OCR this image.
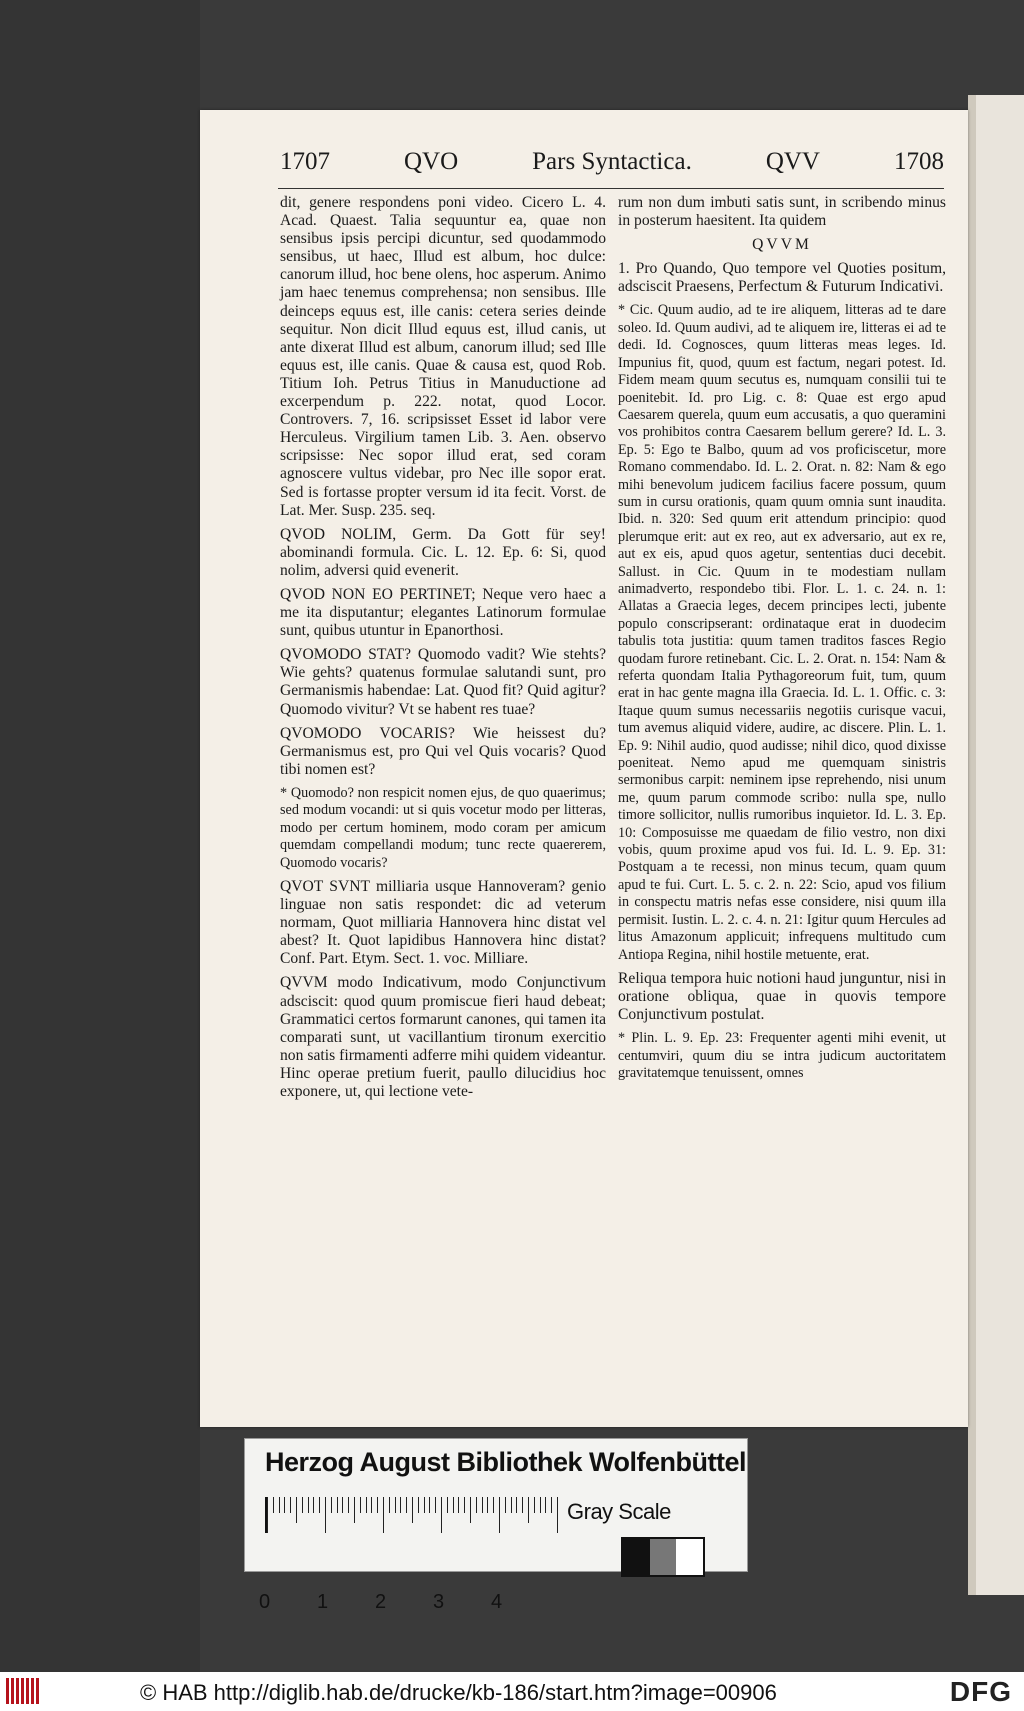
1707	QVO	Pars Syntactica.	QVV	1708

dit, genere respondens poni video. Cicero L. 4. Acad. Quaest. Talia sequuntur ea, quae non sensibus ipsis percipi dicuntur, sed quodammodo sensibus, ut haec, Illud est album, hoc dulce: canorum illud, hoc bene olens, hoc asperum. Animo jam haec tenemus comprehensa; non sensibus. Ille deinceps equus est, ille canis: cetera series deinde sequitur. Non dicit Illud equus est, illud canis, ut ante dixerat Illud est album, canorum illud; sed Ille equus est, ille canis. Quae & causa est, quod Rob. Titium Ioh. Petrus Titius in Manuductione ad excerpendum p. 222. notat, quod Locor. Controvers. 7, 16. scripsisset Esset id labor vere Herculeus. Virgilium tamen Lib. 3. Aen. observo scripsisse: Nec sopor illud erat, sed coram agnoscere vultus videbar, pro Nec ille sopor erat. Sed is fortasse propter versum id ita fecit. Vorst. de Lat. Mer. Susp. 235. seq.

QVOD NOLIM, Germ. Da Gott für sey! abominandi formula. Cic. L. 12. Ep. 6: Si, quod nolim, adversi quid evenerit.

QVOD NON EO PERTINET; Neque vero haec a me ita disputantur; elegantes Latinorum formulae sunt, quibus utuntur in Epanorthosi.

QVOMODO STAT? Quomodo vadit? Wie stehts? Wie gehts? quatenus formulae salutandi sunt, pro Germanismis habendae: Lat. Quod fit? Quid agitur? Quomodo vivitur? Vt se habent res tuae?

QVOMODO VOCARIS? Wie heissest du? Germanismus est, pro Qui vel Quis vocaris? Quod tibi nomen est?

* Quomodo? non respicit nomen ejus, de quo quaerimus; sed modum vocandi: ut si quis vocetur modo per litteras, modo per certum hominem, modo coram per amicum quemdam compellandi modum; tunc recte quaererem, Quomodo vocaris?

QVOT SVNT milliaria usque Hannoveram? genio linguae non satis respondet: dic ad veterum normam, Quot milliaria Hannovera hinc distat vel abest? It. Quot lapidibus Hannovera hinc distat? Conf. Part. Etym. Sect. 1. voc. Milliare.

QVVM modo Indicativum, modo Conjunctivum adsciscit: quod quum promiscue fieri haud debeat; Grammatici certos formarunt canones, qui tamen ita comparati sunt, ut vacillantium tironum exercitio non satis firmamenti adferre mihi quidem videantur. Hinc operae pretium fuerit, paullo dilucidius hoc exponere, ut, qui lectione vete-

rum non dum imbuti satis sunt, in scribendo minus in posterum haesitent. Ita quidem

QVVM

1. Pro Quando, Quo tempore vel Quoties positum, adsciscit Praesens, Perfectum & Futurum Indicativi.

* Cic. Quum audio, ad te ire aliquem, litteras ad te dare soleo. Id. Quum audivi, ad te aliquem ire, litteras ei ad te dedi. Id. Cognosces, quum litteras meas leges. Id. Impunius fit, quod, quum est factum, negari potest. Id. Fidem meam quum secutus es, numquam consilii tui te poenitebit. Id. pro Lig. c. 8: Quae est ergo apud Caesarem querela, quum eum accusatis, a quo queramini vos prohibitos contra Caesarem bellum gerere? Id. L. 3. Ep. 5: Ego te Balbo, quum ad vos proficiscetur, more Romano commendabo. Id. L. 2. Orat. n. 82: Nam & ego mihi benevolum judicem facilius facere possum, quum sum in cursu orationis, quam quum omnia sunt inaudita. Ibid. n. 320: Sed quum erit attendum principio: quod plerumque erit: aut ex reo, aut ex adversario, aut ex re, aut ex eis, apud quos agetur, sententias duci decebit. Sallust. in Cic. Quum in te modestiam nullam animadverto, respondebo tibi. Flor. L. 1. c. 24. n. 1: Allatas a Graecia leges, decem principes lecti, jubente populo conscripserant: ordinataque erat in duodecim tabulis tota justitia: quum tamen traditos fasces Regio quodam furore retinebant. Cic. L. 2. Orat. n. 154: Nam & referta quondam Italia Pythagoreorum fuit, tum, quum erat in hac gente magna illa Graecia. Id. L. 1. Offic. c. 3: Itaque quum sumus necessariis negotiis curisque vacui, tum avemus aliquid videre, audire, ac discere. Plin. L. 1. Ep. 9: Nihil audio, quod audisse; nihil dico, quod dixisse poeniteat. Nemo apud me quemquam sinistris sermonibus carpit: neminem ipse reprehendo, nisi unum me, quum parum commode scribo: nulla spe, nullo timore sollicitor, nullis rumoribus inquietor. Id. L. 3. Ep. 10: Composuisse me quaedam de filio vestro, non dixi vobis, quum proxime apud vos fui. Id. L. 9. Ep. 31: Postquam a te recessi, non minus tecum, quam quum apud te fui. Curt. L. 5. c. 2. n. 22: Scio, apud vos filium in conspectu matris nefas esse considere, nisi quum illa permisit. Iustin. L. 2. c. 4. n. 21: Igitur quum Hercules ad litus Amazonum applicuit; infrequens multitudo cum Antiopa Regina, nihil hostile metuente, erat.

Reliqua tempora huic notioni haud junguntur, nisi in oratione obliqua, quae in quovis tempore Conjunctivum postulat.

* Plin. L. 9. Ep. 23: Frequenter agenti mihi evenit, ut centumviri, quum diu se intra judicum auctoritatem gravitatemque tenuissent, omnes

Herzog August Bibliothek Wolfenbüttel
0 1 2 3 4
Gray Scale
© HAB http://diglib.hab.de/drucke/kb-186/start.htm?image=00906	DFG
